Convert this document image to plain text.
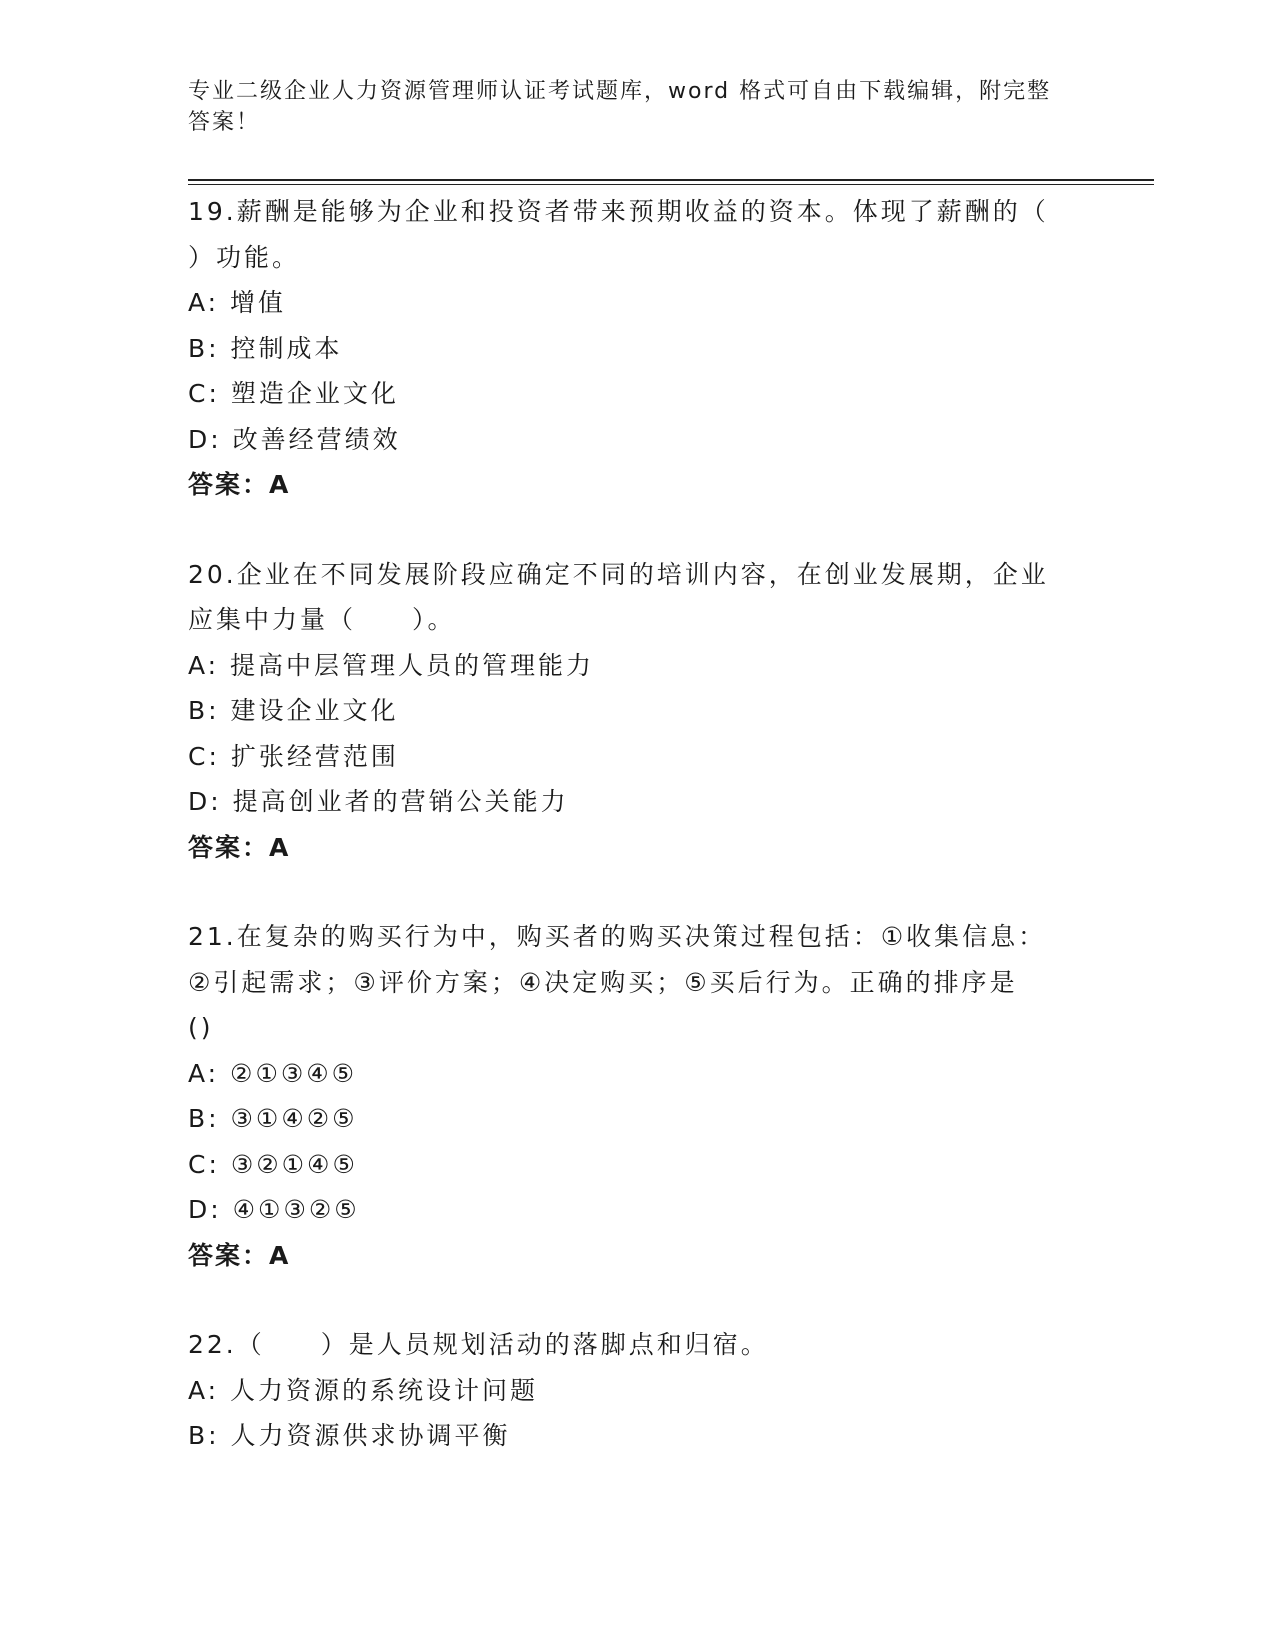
专业二级企业人力资源管理师认证考试题库，word 格式可自由下载编辑，附完整
答案！
19.薪酬是能够为企业和投资者带来预期收益的资本。体现了薪酬的（
）功能。
A: 增值
B: 控制成本
C: 塑造企业文化
D: 改善经营绩效
答案：A
20.企业在不同发展阶段应确定不同的培训内容，在创业发展期，企业
应集中力量（　　）。
A: 提高中层管理人员的管理能力
B: 建设企业文化
C: 扩张经营范围
D: 提高创业者的营销公关能力
答案：A
21.在复杂的购买行为中，购买者的购买决策过程包括：①收集信息：
②引起需求；③评价方案；④决定购买；⑤买后行为。正确的排序是
()
A: ②①③④⑤
B: ③①④②⑤
C: ③②①④⑤
D: ④①③②⑤
答案：A
22.（　　）是人员规划活动的落脚点和归宿。
A: 人力资源的系统设计问题
B: 人力资源供求协调平衡
